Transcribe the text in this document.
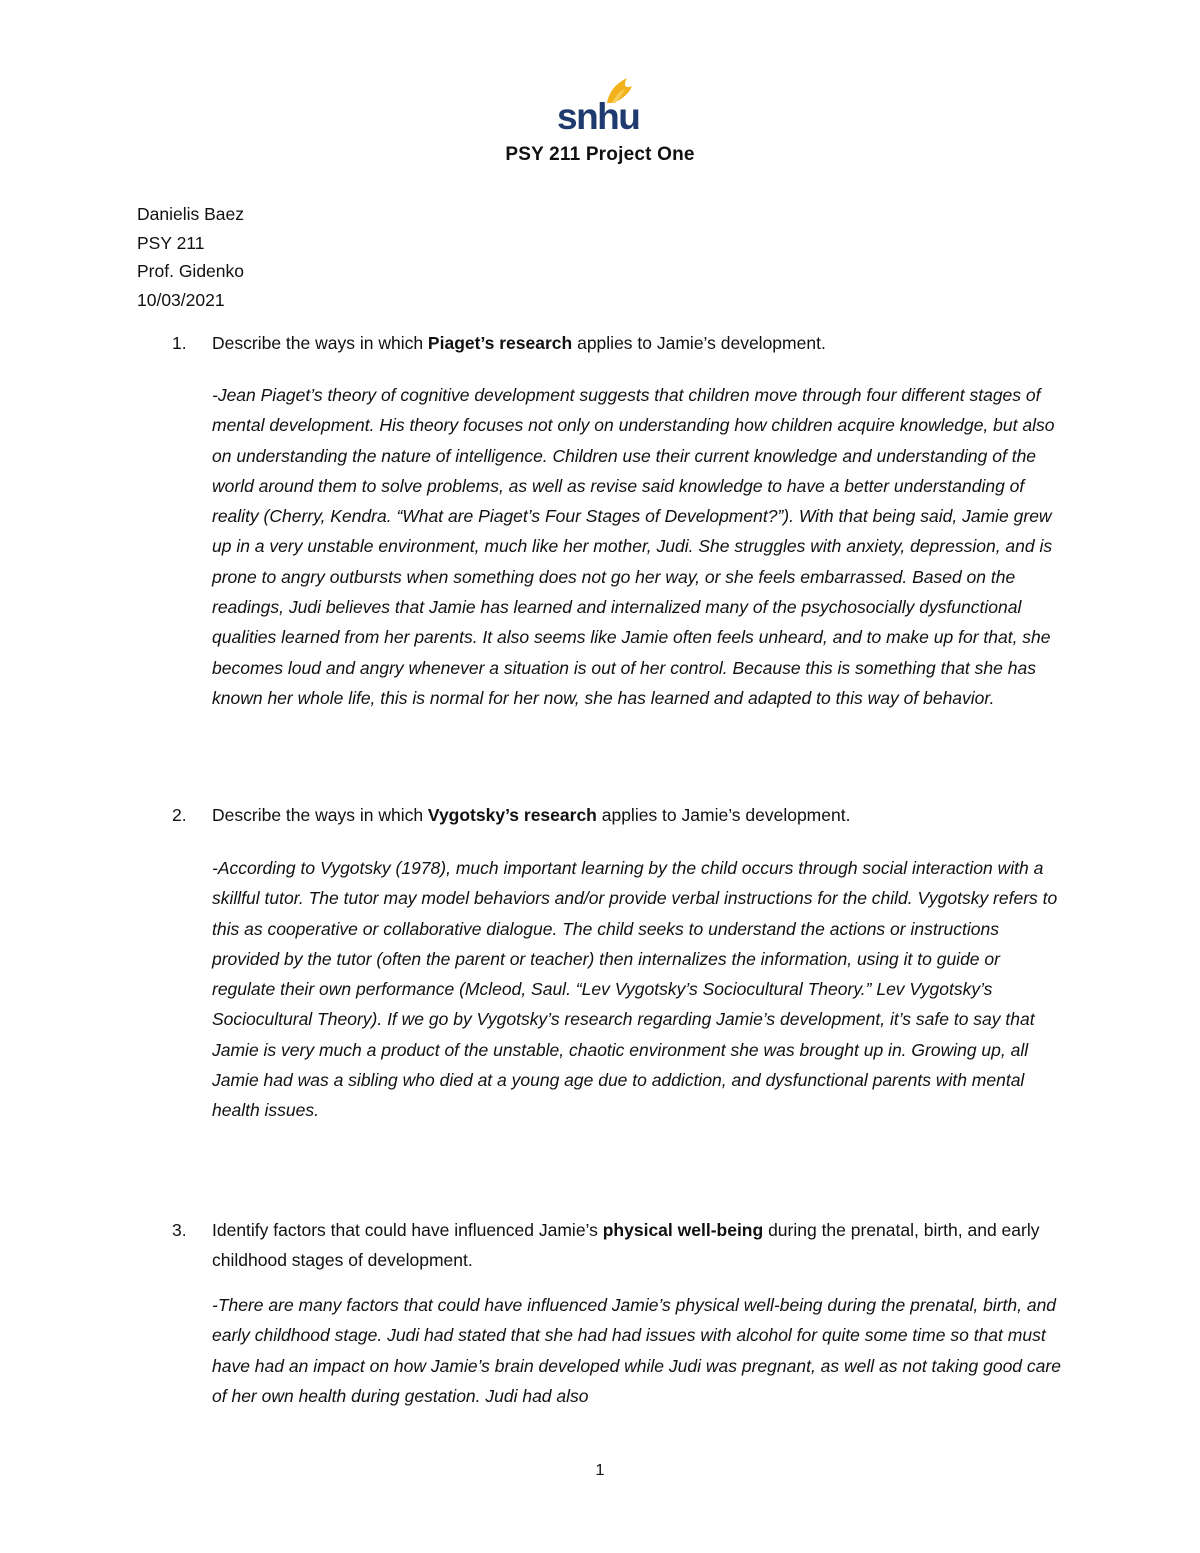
snhu
PSY 211 Project One
Danielis Baez
PSY 211
Prof. Gidenko
10/03/2021
1. Describe the ways in which Piaget’s research applies to Jamie’s development.
-Jean Piaget’s theory of cognitive development suggests that children move through four different stages of mental development. His theory focuses not only on understanding how children acquire knowledge, but also on understanding the nature of intelligence. Children use their current knowledge and understanding of the world around them to solve problems, as well as revise said knowledge to have a better understanding of reality (Cherry, Kendra. “What are Piaget’s Four Stages of Development?”). With that being said, Jamie grew up in a very unstable environment, much like her mother, Judi. She struggles with anxiety, depression, and is prone to angry outbursts when something does not go her way, or she feels embarrassed. Based on the readings, Judi believes that Jamie has learned and internalized many of the psychosocially dysfunctional qualities learned from her parents. It also seems like Jamie often feels unheard, and to make up for that, she becomes loud and angry whenever a situation is out of her control. Because this is something that she has known her whole life, this is normal for her now, she has learned and adapted to this way of behavior.
2. Describe the ways in which Vygotsky’s research applies to Jamie’s development.
-According to Vygotsky (1978), much important learning by the child occurs through social interaction with a skillful tutor. The tutor may model behaviors and/or provide verbal instructions for the child. Vygotsky refers to this as cooperative or collaborative dialogue. The child seeks to understand the actions or instructions provided by the tutor (often the parent or teacher) then internalizes the information, using it to guide or regulate their own performance (Mcleod, Saul. “Lev Vygotsky’s Sociocultural Theory.” Lev Vygotsky’s Sociocultural Theory). If we go by Vygotsky’s research regarding Jamie’s development, it’s safe to say that Jamie is very much a product of the unstable, chaotic environment she was brought up in. Growing up, all Jamie had was a sibling who died at a young age due to addiction, and dysfunctional parents with mental health issues.
3. Identify factors that could have influenced Jamie’s physical well-being during the prenatal, birth, and early childhood stages of development.
-There are many factors that could have influenced Jamie’s physical well-being during the prenatal, birth, and early childhood stage. Judi had stated that she had had issues with alcohol for quite some time so that must have had an impact on how Jamie’s brain developed while Judi was pregnant, as well as not taking good care of her own health during gestation. Judi had also
1
